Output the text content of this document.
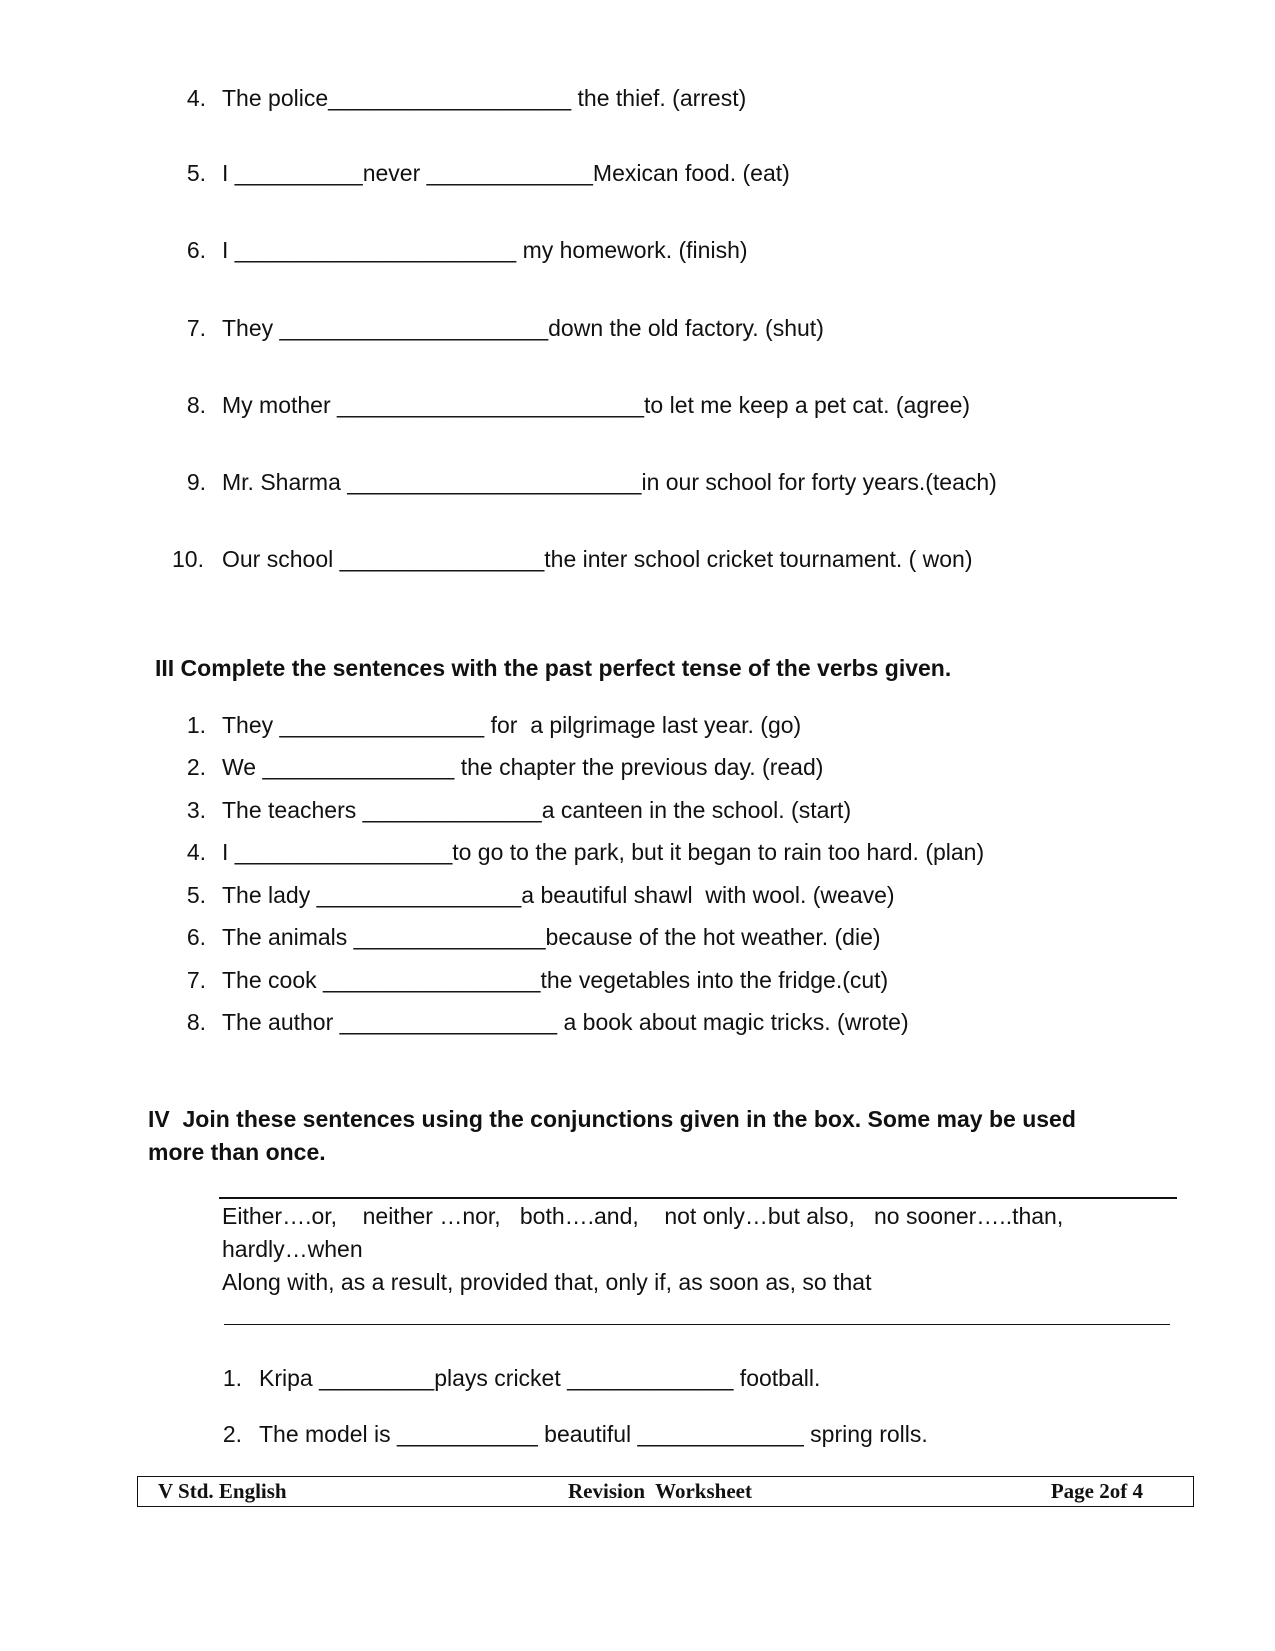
4. The police___________________ the thief. (arrest)
5. I __________never _____________Mexican food. (eat)
6. I ______________________ my homework. (finish)
7. They _____________________down the old factory. (shut)
8. My mother ________________________to let me keep a pet cat. (agree)
9. Mr. Sharma _______________________in our school for forty years.(teach)
10. Our school ________________the inter school cricket tournament. ( won)
III Complete the sentences with the past perfect tense of the verbs given.
1. They ________________ for  a pilgrimage last year. (go)
2. We _______________ the chapter the previous day. (read)
3. The teachers ______________a canteen in the school. (start)
4. I _________________to go to the park, but it began to rain too hard. (plan)
5. The lady ________________a beautiful shawl  with wool. (weave)
6. The animals _______________because of the hot weather. (die)
7. The cook _________________the vegetables into the fridge.(cut)
8. The author _________________ a book about magic tricks. (wrote)
IV  Join these sentences using the conjunctions given in the box. Some may be used
more than once.
Either….or,    neither …nor,   both….and,    not only…but also,   no sooner…..than,
hardly…when
Along with, as a result, provided that, only if, as soon as, so that
1. Kripa _________plays cricket _____________ football.
2. The model is ___________ beautiful _____________ spring rolls.
V Std. English	Revision  Worksheet	Page 2of 4
